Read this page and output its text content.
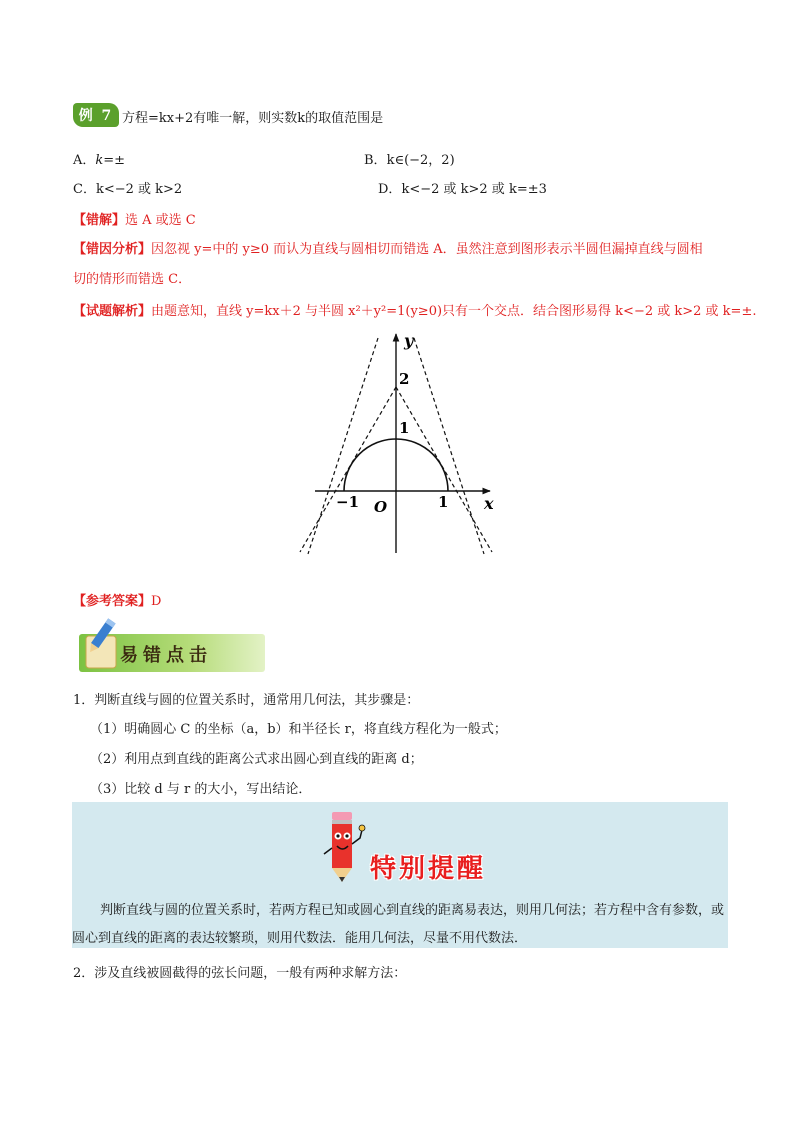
例 7 方程=kx+2有唯一解，则实数k的取值范围是
A．k=±	B．k∈(−2，2)
C．k<−2 或 k>2	D．k<−2 或 k>2 或 k=±3
【错解】选 A 或选 C
【错因分析】因忽视 y=中的 y≥0 而认为直线与圆相切而错选 A．虽然注意到图形表示半圆但漏掉直线与圆相
切的情形而错选 C．
【试题解析】由题意知，直线 y=kx＋2 与半圆 x²＋y²=1(y≥0)只有一个交点．结合图形易得 k<−2 或 k>2 或 k=±.
y
x
O
2
1
−1	1
【参考答案】D
易错点击
1．判断直线与圆的位置关系时，通常用几何法，其步骤是：
（1）明确圆心 C 的坐标（a，b）和半径长 r，将直线方程化为一般式；
（2）利用点到直线的距离公式求出圆心到直线的距离 d；
（3）比较 d 与 r 的大小，写出结论．
特别提醒
判断直线与圆的位置关系时，若两方程已知或圆心到直线的距离易表达，则用几何法；若方程中含有参数，或圆心到直线的距离的表达较繁琐，则用代数法．能用几何法，尽量不用代数法．
2．涉及直线被圆截得的弦长问题，一般有两种求解方法：
